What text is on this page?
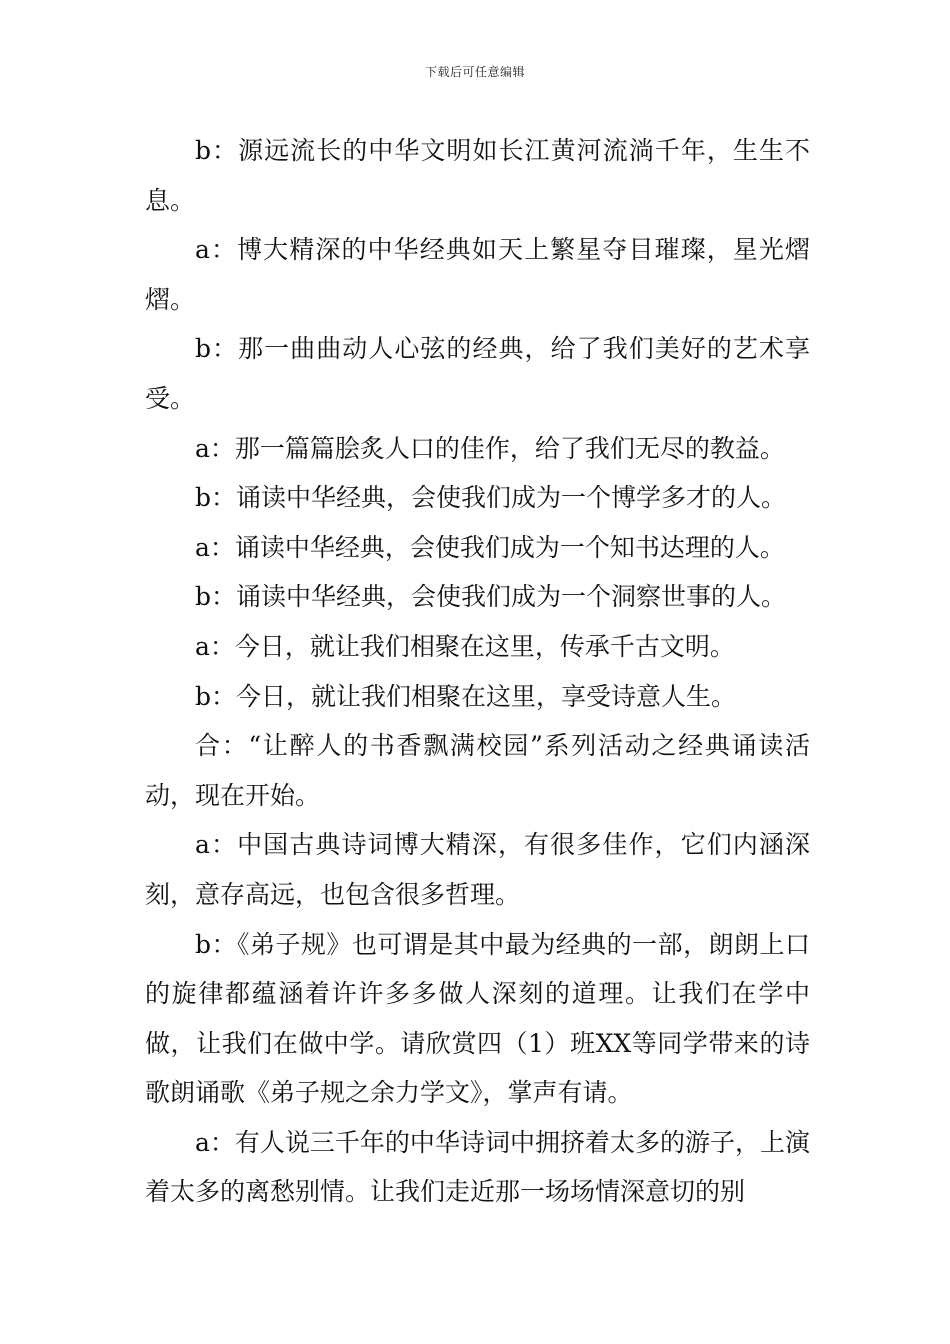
下载后可任意编辑

b：源远流长的中华文明如长江黄河流淌千年，生生不息。

a：博大精深的中华经典如天上繁星夺目璀璨，星光熠熠。

b：那一曲曲动人心弦的经典，给了我们美好的艺术享受。

a：那一篇篇脍炙人口的佳作，给了我们无尽的教益。

b：诵读中华经典，会使我们成为一个博学多才的人。

a：诵读中华经典，会使我们成为一个知书达理的人。

b：诵读中华经典，会使我们成为一个洞察世事的人。

a：今日，就让我们相聚在这里，传承千古文明。

b：今日，就让我们相聚在这里，享受诗意人生。

合：“让醉人的书香飘满校园”系列活动之经典诵读活动，现在开始。

a：中国古典诗词博大精深，有很多佳作，它们内涵深刻，意存高远，也包含很多哲理。

b：《弟子规》也可谓是其中最为经典的一部，朗朗上口的旋律都蕴涵着许许多多做人深刻的道理。让我们在学中做，让我们在做中学。请欣赏四（1）班XX等同学带来的诗歌朗诵歌《弟子规之余力学文》，掌声有请。

a：有人说三千年的中华诗词中拥挤着太多的游子，上演着太多的离愁别情。让我们走近那一场场情深意切的别
